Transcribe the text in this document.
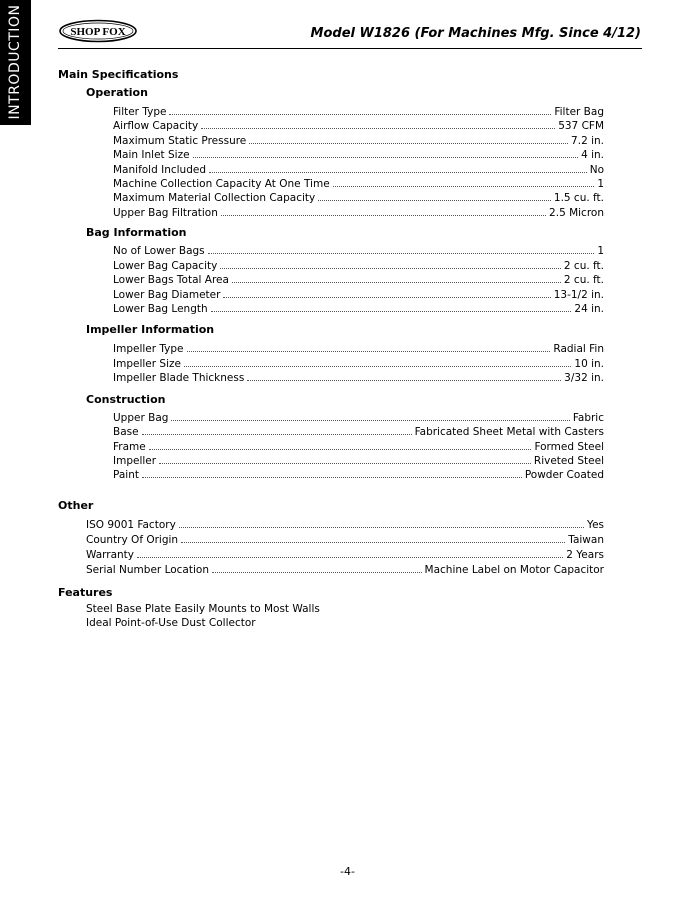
INTRODUCTION	SHOP FOX	Model W1826 (For Machines Mfg. Since 4/12)
Main Specifications
Operation
Filter Type	Filter Bag
Airflow Capacity	537 CFM
Maximum Static Pressure	7.2 in.
Main Inlet Size	4 in.
Manifold Included	No
Machine Collection Capacity At One Time	1
Maximum Material Collection Capacity	1.5 cu. ft.
Upper Bag Filtration	2.5 Micron
Bag Information
No of Lower Bags	1
Lower Bag Capacity	2 cu. ft.
Lower Bags Total Area	2 cu. ft.
Lower Bag Diameter	13-1/2 in.
Lower Bag Length	24 in.
Impeller Information
Impeller Type	Radial Fin
Impeller Size	10 in.
Impeller Blade Thickness	3/32 in.
Construction
Upper Bag	Fabric
Base	Fabricated Sheet Metal with Casters
Frame	Formed Steel
Impeller	Riveted Steel
Paint	Powder Coated
Other
ISO 9001 Factory	Yes
Country Of Origin	Taiwan
Warranty	2 Years
Serial Number Location	Machine Label on Motor Capacitor
Features
Steel Base Plate Easily Mounts to Most Walls
Ideal Point-of-Use Dust Collector
-4-
